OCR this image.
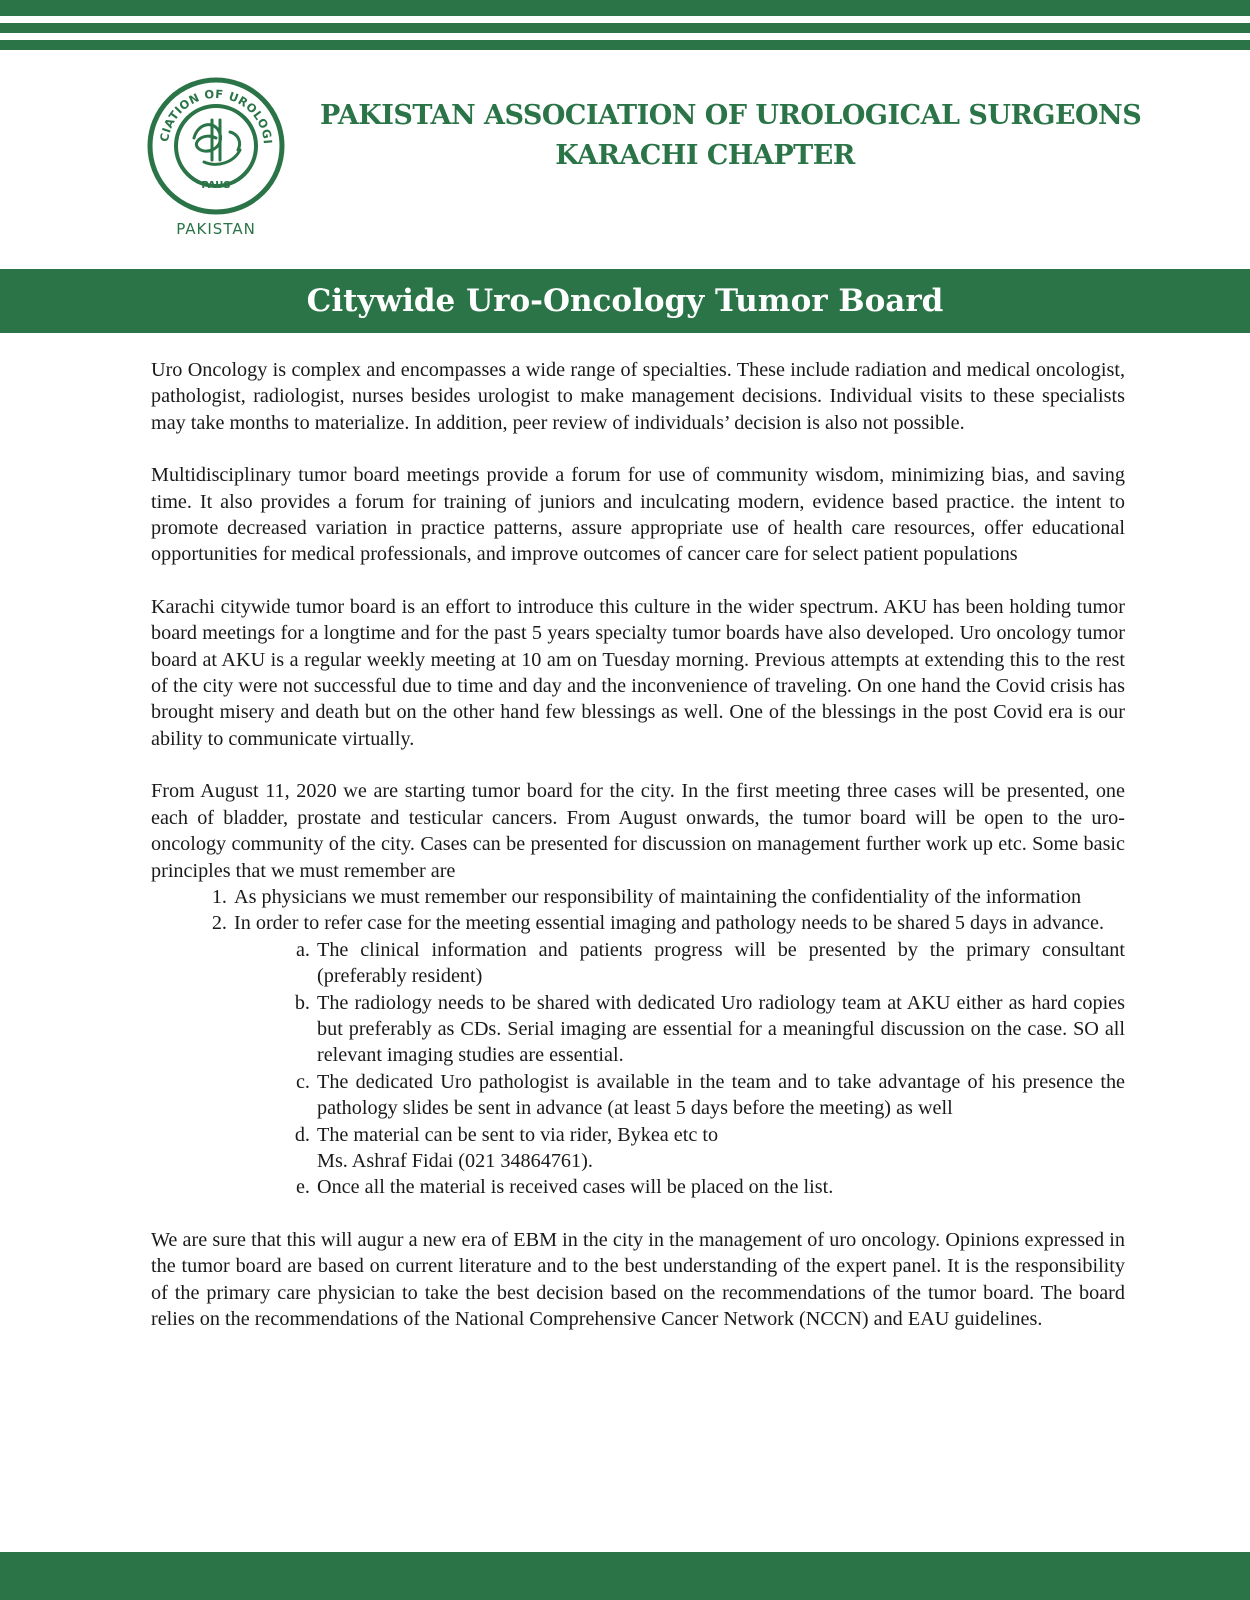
CIATION OF UROLOGI
PAUS
PAKISTAN
PAKISTAN ASSOCIATION OF UROLOGICAL SURGEONS
KARACHI CHAPTER
Citywide Uro-Oncology Tumor Board

Uro Oncology is complex and encompasses a wide range of specialties. These include radiation and medical oncologist, pathologist, radiologist, nurses besides urologist to make management decisions. Individual visits to these specialists may take months to materialize. In addition, peer review of individuals’ decision is also not possible.

Multidisciplinary tumor board meetings provide a forum for use of community wisdom, minimizing bias, and saving time. It also provides a forum for training of juniors and inculcating modern, evidence based practice. the intent to promote decreased variation in practice patterns, assure appropriate use of health care resources, offer educational opportunities for medical professionals, and improve outcomes of cancer care for select patient populations

Karachi citywide tumor board is an effort to introduce this culture in the wider spectrum. AKU has been holding tumor board meetings for a longtime and for the past 5 years specialty tumor boards have also developed. Uro oncology tumor board at AKU is a regular weekly meeting at 10 am on Tuesday morning. Previous attempts at extending this to the rest of the city were not successful due to time and day and the inconvenience of traveling. On one hand the Covid crisis has brought misery and death but on the other hand few blessings as well. One of the blessings in the post Covid era is our ability to communicate virtually.

From August 11, 2020 we are starting tumor board for the city. In the first meeting three cases will be presented, one each of bladder, prostate and testicular cancers. From August onwards, the tumor board will be open to the uro-oncology community of the city. Cases can be presented for discussion on management further work up etc. Some basic principles that we must remember are

1. As physicians we must remember our responsibility of maintaining the confidentiality of the information
2. In order to refer case for the meeting essential imaging and pathology needs to be shared 5 days in advance.
a. The clinical information and patients progress will be presented by the primary consultant (preferably resident)
b. The radiology needs to be shared with dedicated Uro radiology team at AKU either as hard copies but preferably as CDs. Serial imaging are essential for a meaningful discussion on the case. SO all relevant imaging studies are essential.
c. The dedicated Uro pathologist is available in the team and to take advantage of his presence the pathology slides be sent in advance (at least 5 days before the meeting) as well
d. The material can be sent to via rider, Bykea etc to
Ms. Ashraf Fidai (021 34864761).
e. Once all the material is received cases will be placed on the list.

We are sure that this will augur a new era of EBM in the city in the management of uro oncology. Opinions expressed in the tumor board are based on current literature and to the best understanding of the expert panel. It is the responsibility of the primary care physician to take the best decision based on the recommendations of the tumor board. The board relies on the recommendations of the National Comprehensive Cancer Network (NCCN) and EAU guidelines.
